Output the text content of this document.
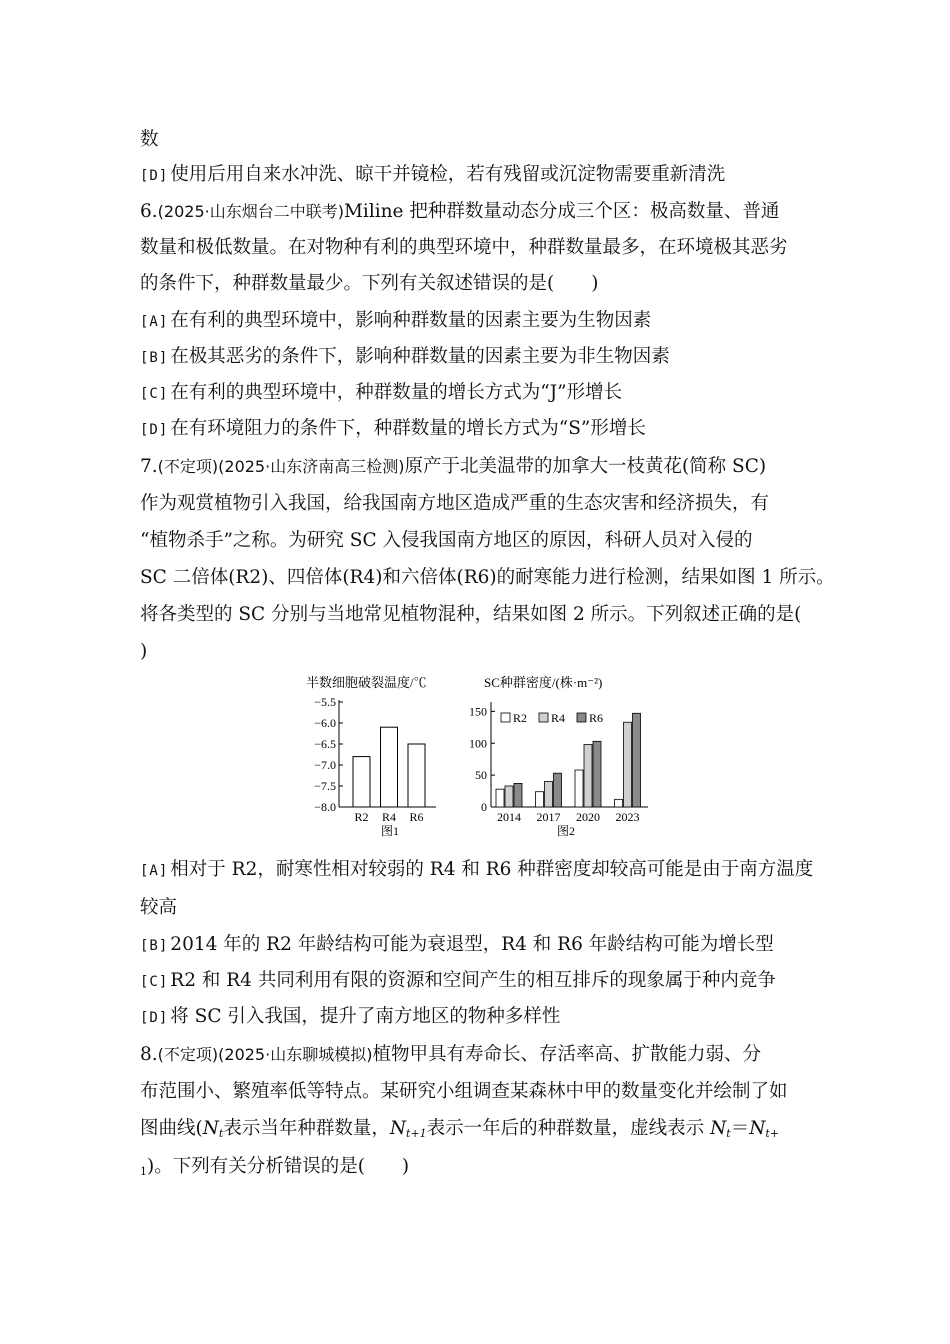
数
[D] 使用后用自来水冲洗、晾干并镜检，若有残留或沉淀物需要重新清洗
6.(2025·山东烟台二中联考)Miline 把种群数量动态分成三个区：极高数量、普通
数量和极低数量。在对物种有利的典型环境中，种群数量最多，在环境极其恶劣
的条件下，种群数量最少。下列有关叙述错误的是(　　)
[A] 在有利的典型环境中，影响种群数量的因素主要为生物因素
[B] 在极其恶劣的条件下，影响种群数量的因素主要为非生物因素
[C] 在有利的典型环境中，种群数量的增长方式为“J”形增长
[D] 在有环境阻力的条件下，种群数量的增长方式为“S”形增长
7.(不定项)(2025·山东济南高三检测)原产于北美温带的加拿大一枝黄花(简称 SC)
作为观赏植物引入我国，给我国南方地区造成严重的生态灾害和经济损失，有
“植物杀手”之称。为研究 SC 入侵我国南方地区的原因，科研人员对入侵的
SC 二倍体(R2)、四倍体(R4)和六倍体(R6)的耐寒能力进行检测，结果如图 1 所示。
将各类型的 SC 分别与当地常见植物混种，结果如图 2 所示。下列叙述正确的是(
)
半数细胞破裂温度/℃
−5.5
−6.0
−6.5
−7.0
−7.5
−8.0
R2 R4 R6
图1
SC种群密度/(株·m⁻²)
0
50
100
150
2014 2017 2020 2023
R2 R4 R6
图2
[A] 相对于 R2，耐寒性相对较弱的 R4 和 R6 种群密度却较高可能是由于南方温度
较高
[B] 2014 年的 R2 年龄结构可能为衰退型，R4 和 R6 年龄结构可能为增长型
[C] R2 和 R4 共同利用有限的资源和空间产生的相互排斥的现象属于种内竞争
[D] 将 SC 引入我国，提升了南方地区的物种多样性
8.(不定项)(2025·山东聊城模拟)植物甲具有寿命长、存活率高、扩散能力弱、分
布范围小、繁殖率低等特点。某研究小组调查某森林中甲的数量变化并绘制了如
图曲线($N_t$表示当年种群数量，$N_{t+1}$表示一年后的种群数量，虚线表示 $N_t=N_{t+}$
$_1$)。下列有关分析错误的是(　　)
